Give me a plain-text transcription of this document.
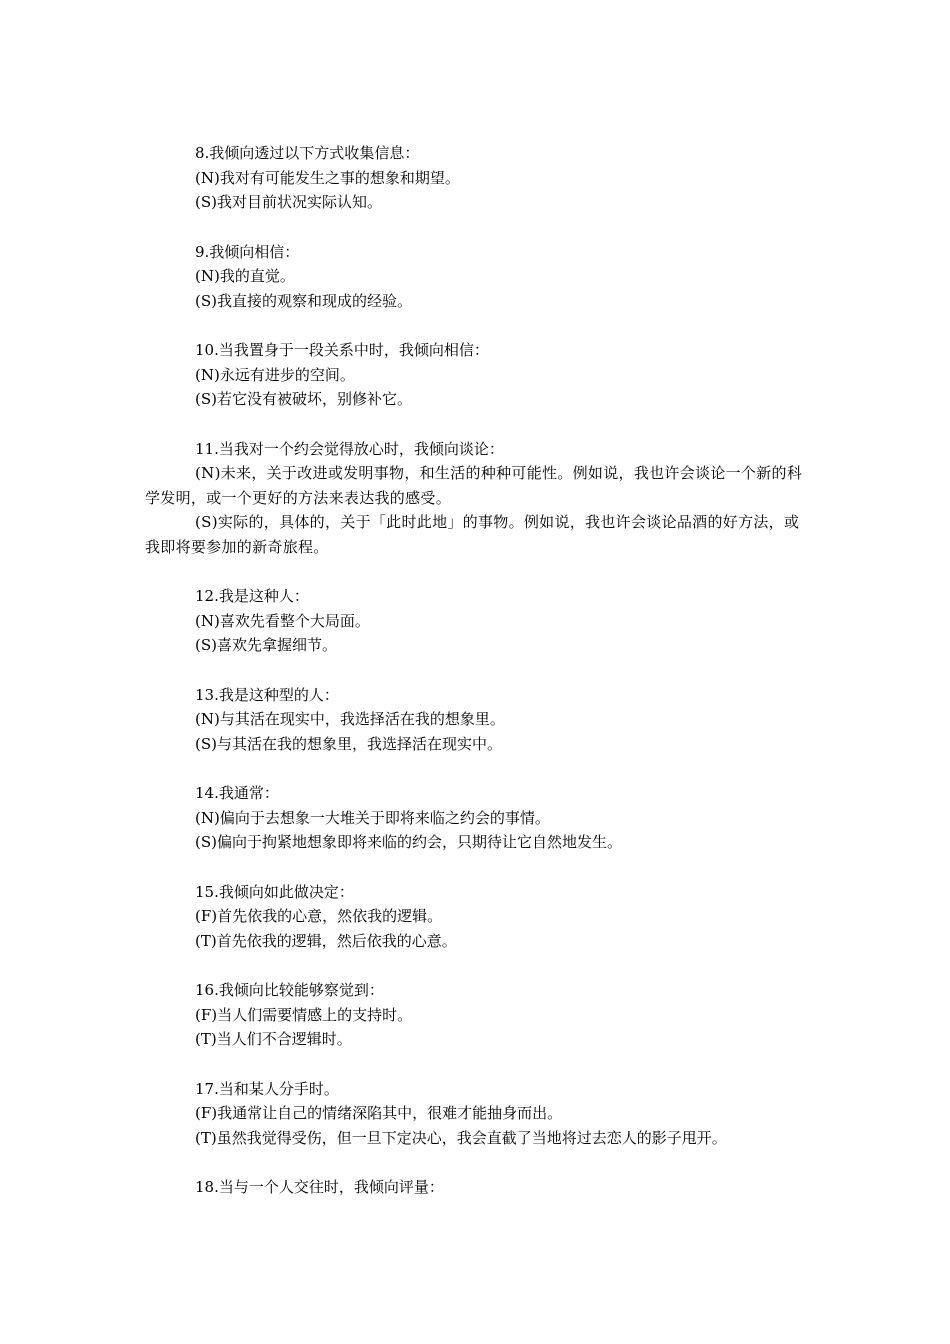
8.我倾向透过以下方式收集信息：
(N)我对有可能发生之事的想象和期望。
(S)我对目前状况实际认知。
9.我倾向相信：
(N)我的直觉。
(S)我直接的观察和现成的经验。
10.当我置身于一段关系中时，我倾向相信：
(N)永远有进步的空间。
(S)若它没有被破坏，别修补它。
11.当我对一个约会觉得放心时，我倾向谈论：
(N)未来，关于改进或发明事物，和生活的种种可能性。例如说，我也许会谈论一个新的科学发明，或一个更好的方法来表达我的感受。
(S)实际的，具体的，关于「此时此地」的事物。例如说，我也许会谈论品酒的好方法，或我即将要参加的新奇旅程。
12.我是这种人：
(N)喜欢先看整个大局面。
(S)喜欢先拿握细节。
13.我是这种型的人：
(N)与其活在现实中，我选择活在我的想象里。
(S)与其活在我的想象里，我选择活在现实中。
14.我通常：
(N)偏向于去想象一大堆关于即将来临之约会的事情。
(S)偏向于拘紧地想象即将来临的约会，只期待让它自然地发生。
15.我倾向如此做决定：
(F)首先依我的心意，然依我的逻辑。
(T)首先依我的逻辑，然后依我的心意。
16.我倾向比较能够察觉到：
(F)当人们需要情感上的支持时。
(T)当人们不合逻辑时。
17.当和某人分手时。
(F)我通常让自己的情绪深陷其中，很难才能抽身而出。
(T)虽然我觉得受伤，但一旦下定决心，我会直截了当地将过去恋人的影子甩开。
18.当与一个人交往时，我倾向评量：
